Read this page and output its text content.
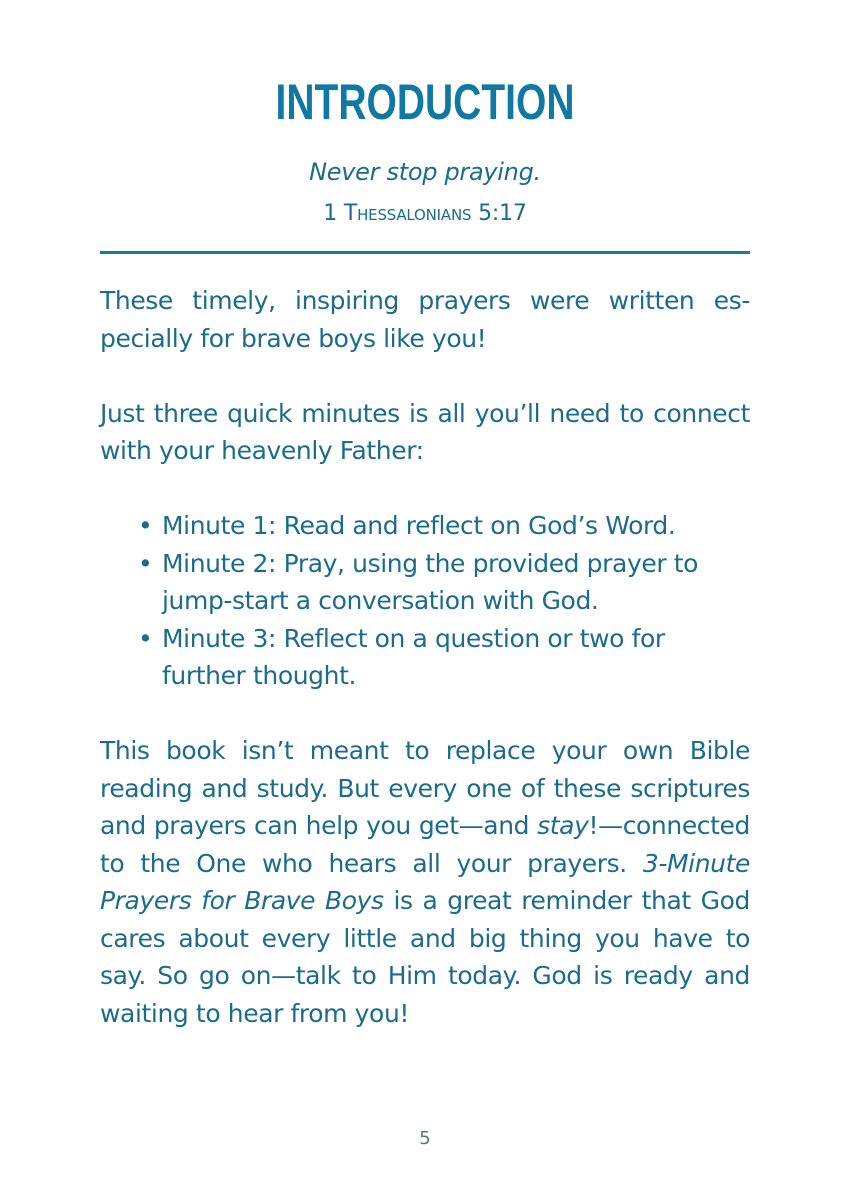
INTRODUCTION
Never stop praying.
1 Thessalonians 5:17

These timely, inspiring prayers were written es-pecially for brave boys like you!

Just three quick minutes is all you’ll need to connect with your heavenly Father:

• Minute 1: Read and reflect on God’s Word.
• Minute 2: Pray, using the provided prayer to jump-start a conversation with God.
• Minute 3: Reflect on a question or two for further thought.

This book isn’t meant to replace your own Bible reading and study. But every one of these scriptures and prayers can help you get—and stay!—connected to the One who hears all your prayers. 3-Minute Prayers for Brave Boys is a great reminder that God cares about every little and big thing you have to say. So go on—talk to Him today. God is ready and waiting to hear from you!

5
